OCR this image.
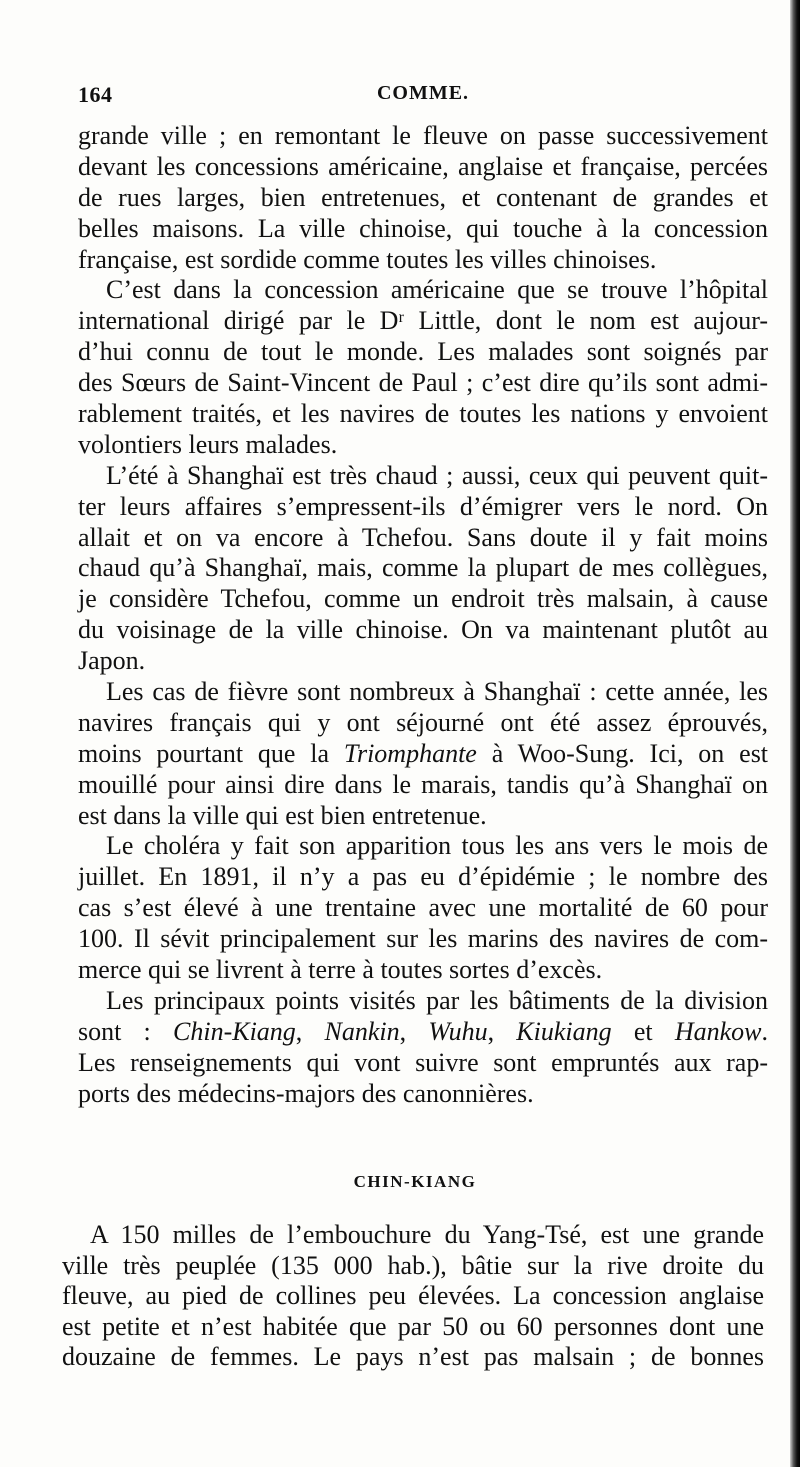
164	COMME.
grande ville ; en remontant le fleuve on passe successivement
devant les concessions américaine, anglaise et française, percées
de rues larges, bien entretenues, et contenant de grandes et
belles maisons. La ville chinoise, qui touche à la concession
française, est sordide comme toutes les villes chinoises.
C’est dans la concession américaine que se trouve l’hôpital
international dirigé par le Dʳ Little, dont le nom est aujour-
d’hui connu de tout le monde. Les malades sont soignés par
des Sœurs de Saint-Vincent de Paul ; c’est dire qu’ils sont admi-
rablement traités, et les navires de toutes les nations y envoient
volontiers leurs malades.
L’été à Shanghaï est très chaud ; aussi, ceux qui peuvent quit-
ter leurs affaires s’empressent-ils d’émigrer vers le nord. On
allait et on va encore à Tchefou. Sans doute il y fait moins
chaud qu’à Shanghaï, mais, comme la plupart de mes collègues,
je considère Tchefou, comme un endroit très malsain, à cause
du voisinage de la ville chinoise. On va maintenant plutôt au
Japon.
Les cas de fièvre sont nombreux à Shanghaï : cette année, les
navires français qui y ont séjourné ont été assez éprouvés,
moins pourtant que la Triomphante à Woo-Sung. Ici, on est
mouillé pour ainsi dire dans le marais, tandis qu’à Shanghaï on
est dans la ville qui est bien entretenue.
Le choléra y fait son apparition tous les ans vers le mois de
juillet. En 1891, il n’y a pas eu d’épidémie ; le nombre des
cas s’est élevé à une trentaine avec une mortalité de 60 pour
100. Il sévit principalement sur les marins des navires de com-
merce qui se livrent à terre à toutes sortes d’excès.
Les principaux points visités par les bâtiments de la division
sont : Chin-Kiang, Nankin, Wuhu, Kiukiang et Hankow.
Les renseignements qui vont suivre sont empruntés aux rap-
ports des médecins-majors des canonnières.
CHIN-KIANG
A 150 milles de l’embouchure du Yang-Tsé, est une grande
ville très peuplée (135 000 hab.), bâtie sur la rive droite du
fleuve, au pied de collines peu élevées. La concession anglaise
est petite et n’est habitée que par 50 ou 60 personnes dont une
douzaine de femmes. Le pays n’est pas malsain ; de bonnes
